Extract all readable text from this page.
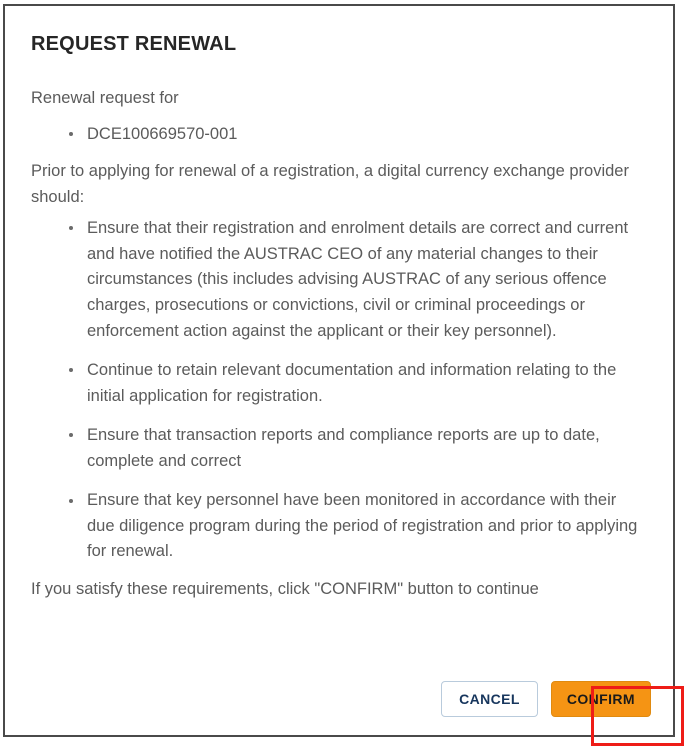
REQUEST RENEWAL

Renewal request for

DCE100669570-001

Prior to applying for renewal of a registration, a digital currency exchange provider should:

Ensure that their registration and enrolment details are correct and current and have notified the AUSTRAC CEO of any material changes to their circumstances (this includes advising AUSTRAC of any serious offence charges, prosecutions or convictions, civil or criminal proceedings or enforcement action against the applicant or their key personnel).
Continue to retain relevant documentation and information relating to the initial application for registration.
Ensure that transaction reports and compliance reports are up to date, complete and correct
Ensure that key personnel have been monitored in accordance with their due diligence program during the period of registration and prior to applying for renewal.

If you satisfy these requirements, click "CONFIRM" button to continue

CANCEL	CONFIRM
